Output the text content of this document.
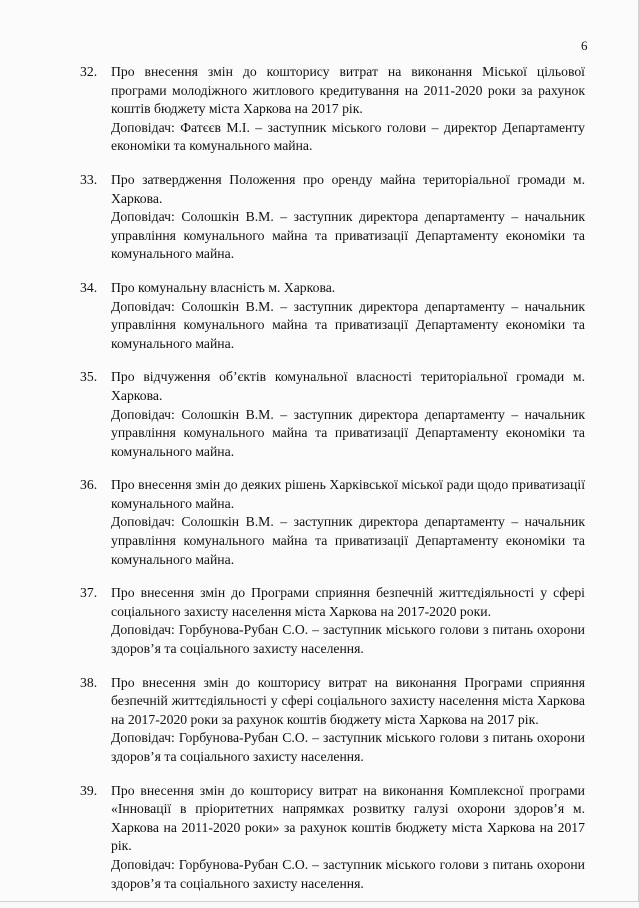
6
32. Про внесення змін до кошторису витрат на виконання Міської цільової програми молодіжного житлового кредитування на 2011-2020 роки за рахунок коштів бюджету міста Харкова на 2017 рік.
Доповідач : Фатєєв М.І. – заступник міського голови – директор Департаменту економіки та комунального майна.
33. Про затвердження Положення про оренду майна територіальної громади м. Харкова.
Доповідач : Солошкін В.М. – заступник директора департаменту – начальник управління комунального майна та приватизації Департаменту економіки та комунального майна.
34. Про комунальну власність м. Харкова.
Доповідач : Солошкін В.М. – заступник директора департаменту – начальник управління комунального майна та приватизації Департаменту економіки та комунального майна.
35. Про відчуження об’єктів комунальної власності територіальної громади м. Харкова.
Доповідач : Солошкін В.М. – заступник директора департаменту – начальник управління комунального майна та приватизації Департаменту економіки та комунального майна.
36. Про внесення змін до деяких рішень Харківської міської ради щодо приватизації комунального майна.
Доповідач : Солошкін В.М. – заступник директора департаменту – начальник управління комунального майна та приватизації Департаменту економіки та комунального майна.
37. Про внесення змін до Програми сприяння безпечній життєдіяльності у сфері соціального захисту населення міста Харкова на 2017-2020 роки.
Доповідач : Горбунова-Рубан С.О. – заступник міського голови з питань охорони здоров’я та соціального захисту населення.
38. Про внесення змін до кошторису витрат на виконання Програми сприяння безпечній життєдіяльності у сфері соціального захисту населення міста Харкова на 2017-2020 роки за рахунок коштів бюджету міста Харкова на 2017 рік.
Доповідач : Горбунова-Рубан С.О. – заступник міського голови з питань охорони здоров’я та соціального захисту населення.
39. Про внесення змін до кошторису витрат на виконання Комплексної програми «Інновації в пріоритетних напрямках розвитку галузі охорони здоров’я м. Харкова на 2011-2020 роки» за рахунок коштів бюджету міста Харкова на 2017 рік.
Доповідач : Горбунова-Рубан С.О. – заступник міського голови з питань охорони здоров’я та соціального захисту населення.
